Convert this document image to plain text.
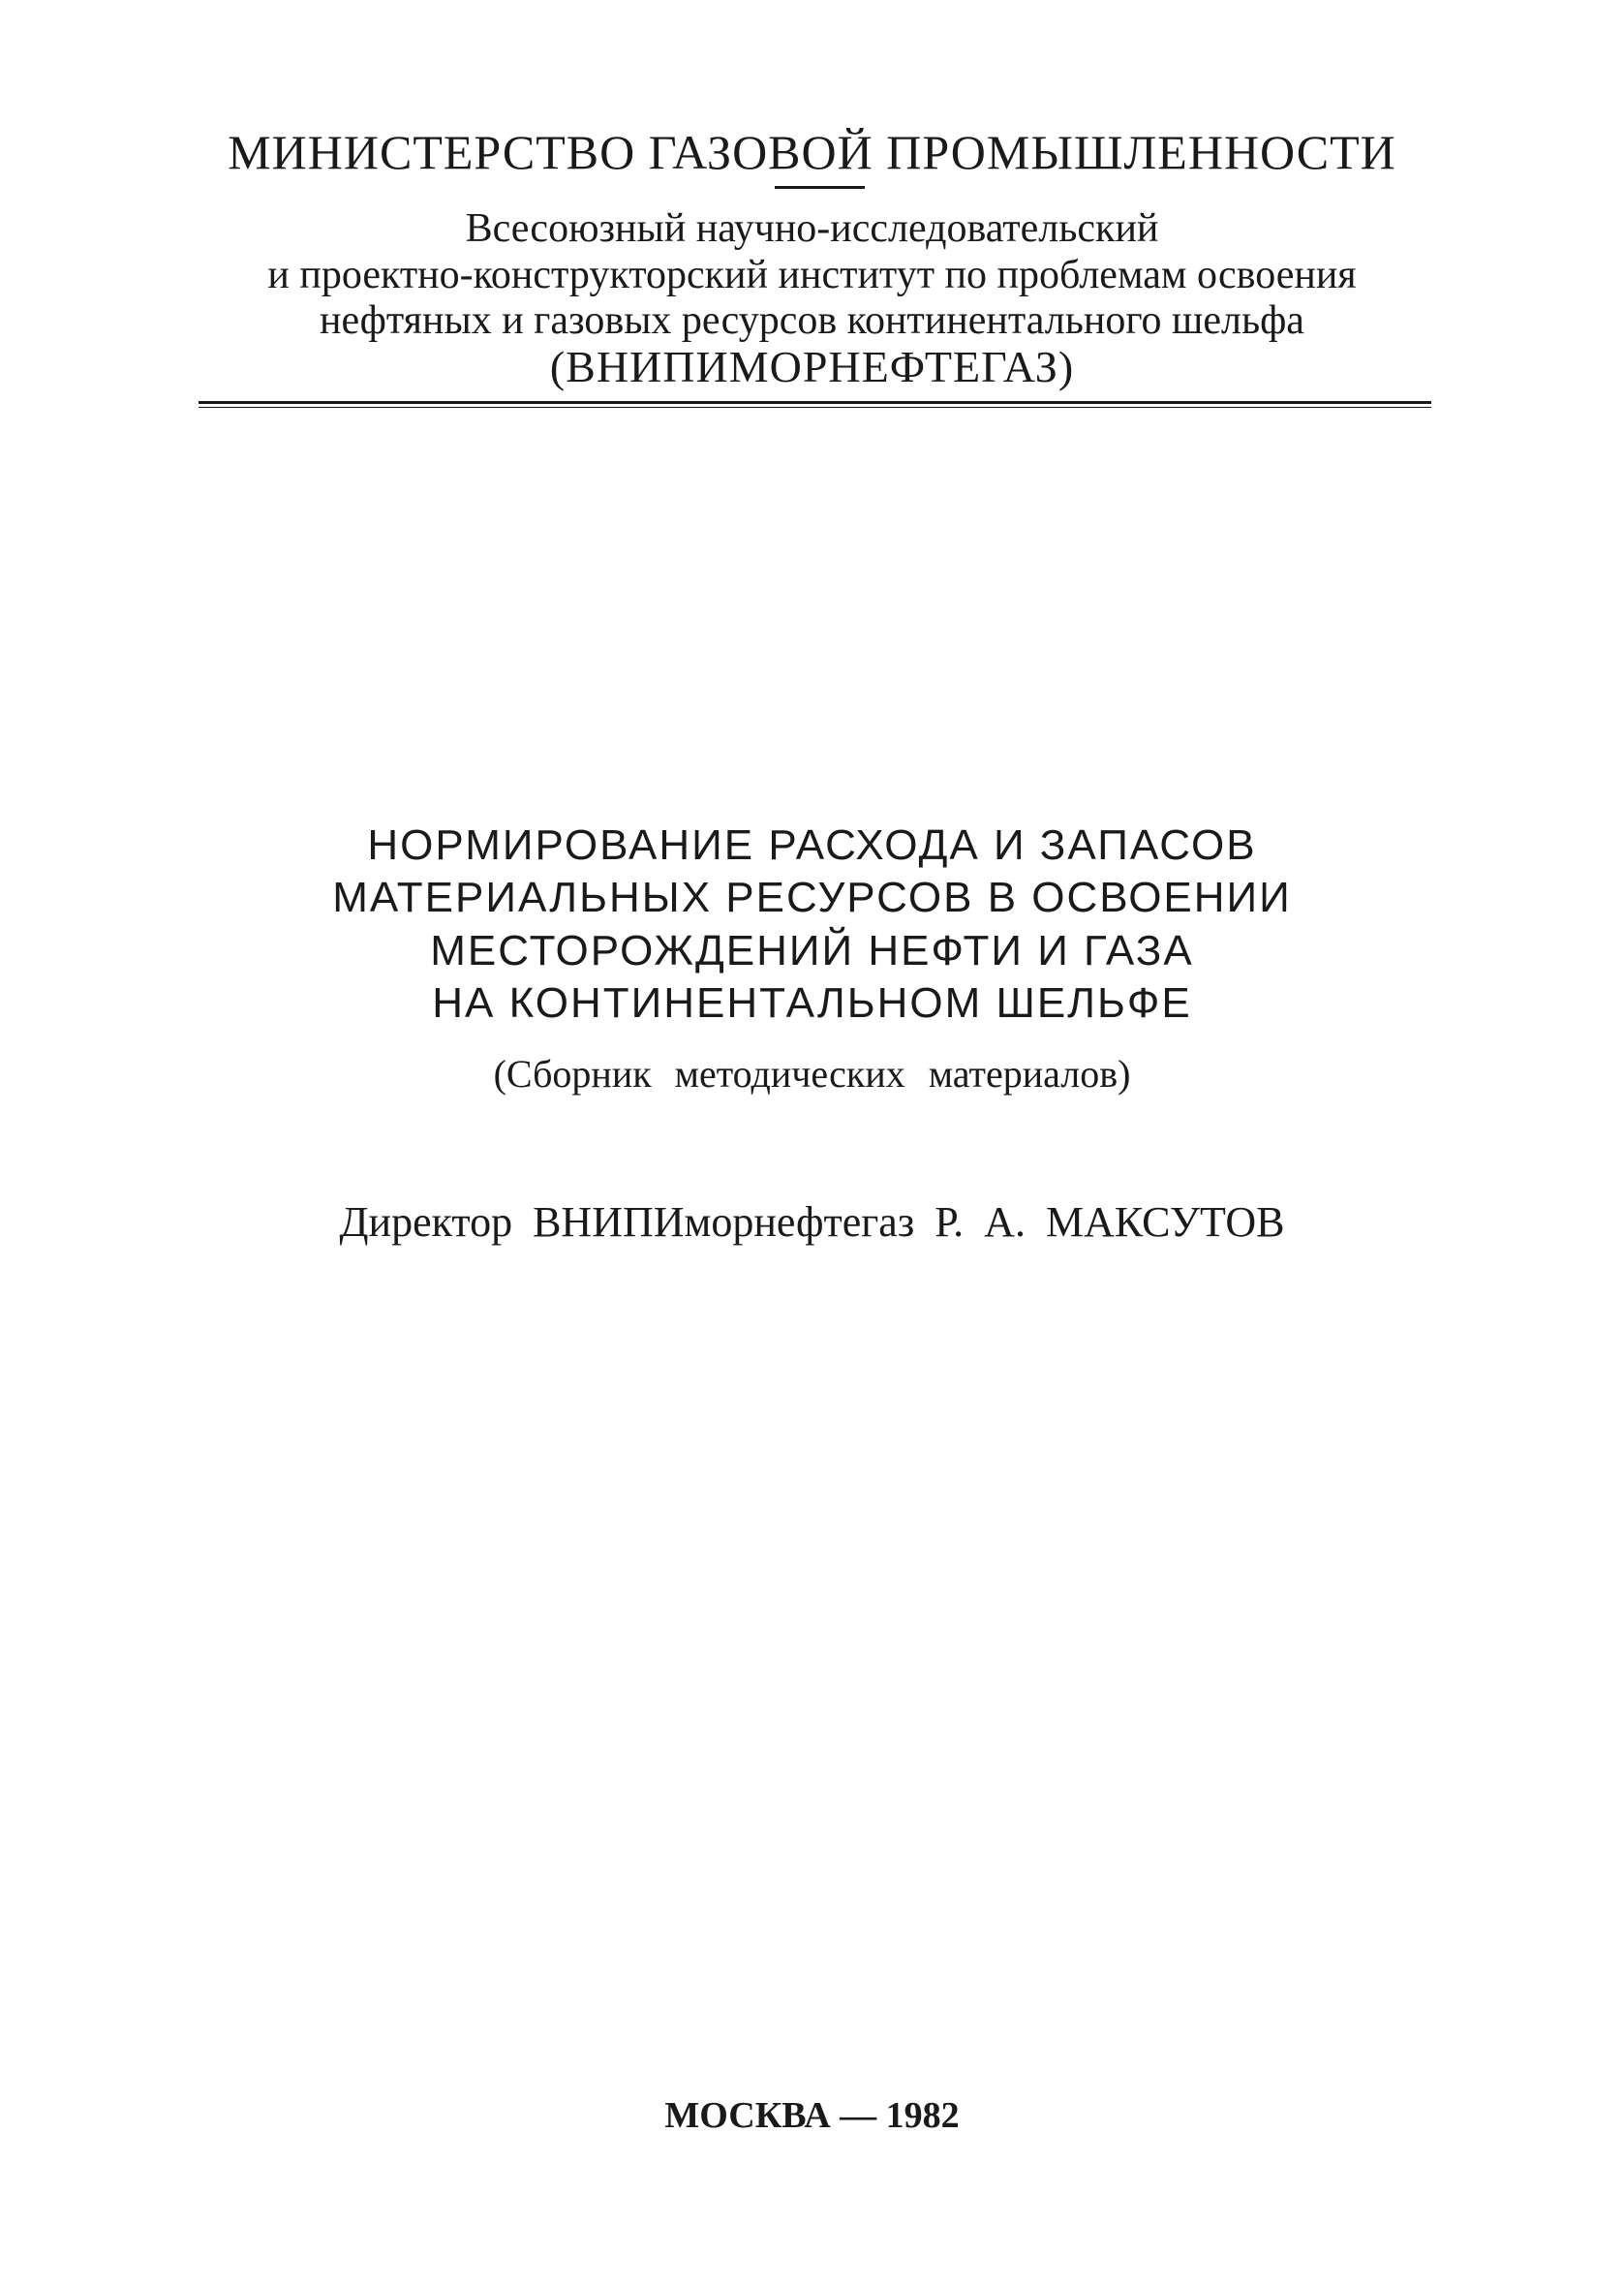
МИНИСТЕРСТВО ГАЗОВОЙ ПРОМЫШЛЕННОСТИ
Всесоюзный научно-исследовательский
и проектно-конструкторский институт по проблемам освоения
нефтяных и газовых ресурсов континентального шельфа
(ВНИПИМОРНЕФТЕГАЗ)
НОРМИРОВАНИЕ РАСХОДА И ЗАПАСОВ
МАТЕРИАЛЬНЫХ РЕСУРСОВ В ОСВОЕНИИ
МЕСТОРОЖДЕНИЙ НЕФТИ И ГАЗА
НА КОНТИНЕНТАЛЬНОМ ШЕЛЬФЕ
(Сборник методических материалов)
Директор ВНИПИморнефтегаз Р. А. МАКСУТОВ
МОСКВА — 1982
